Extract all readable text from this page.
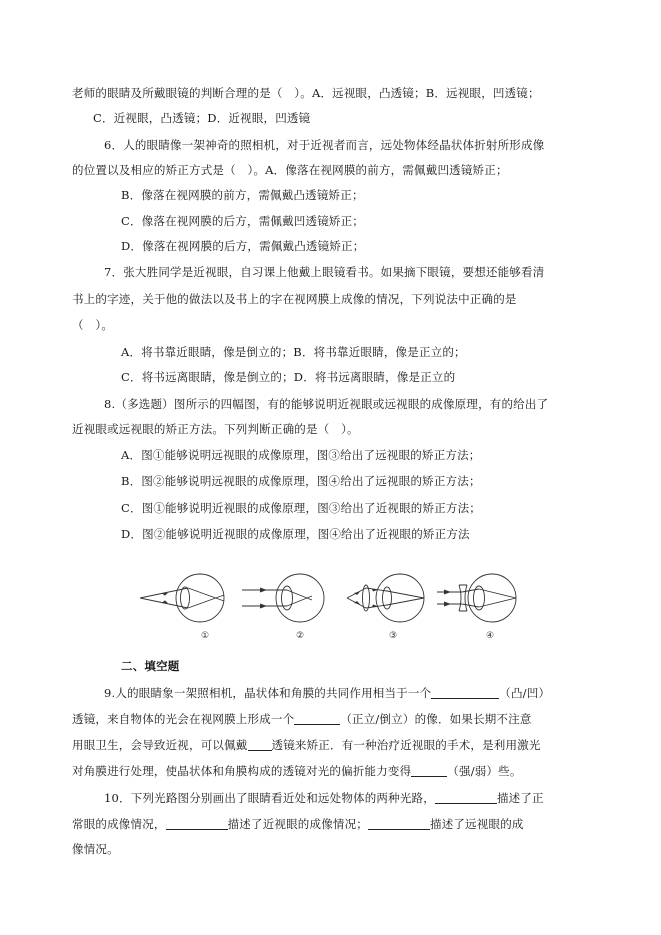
老师的眼睛及所戴眼镜的判断合理的是（　）。A．远视眼，凸透镜；B．远视眼，凹透镜；
C．近视眼，凸透镜；D．近视眼，凹透镜
6．人的眼睛像一架神奇的照相机，对于近视者而言，远处物体经晶状体折射所形成像
的位置以及相应的矫正方式是（　）。A．像落在视网膜的前方，需佩戴凹透镜矫正；
B．像落在视网膜的前方，需佩戴凸透镜矫正；
C．像落在视网膜的后方，需佩戴凹透镜矫正；
D．像落在视网膜的后方，需佩戴凸透镜矫正；
7．张大胜同学是近视眼，自习课上他戴上眼镜看书。如果摘下眼镜，要想还能够看清
书上的字迹，关于他的做法以及书上的字在视网膜上成像的情况，下列说法中正确的是
（　）。
A．将书靠近眼睛，像是倒立的；B．将书靠近眼睛，像是正立的；
C．将书远离眼睛，像是倒立的；D．将书远离眼睛，像是正立的
8.（多选题）图所示的四幅图，有的能够说明近视眼或远视眼的成像原理，有的给出了
近视眼或远视眼的矫正方法。下列判断正确的是（　）。
A．图①能够说明远视眼的成像原理，图③给出了远视眼的矫正方法；
B．图②能够说明远视眼的成像原理，图④给出了远视眼的矫正方法；
C．图①能够说明近视眼的成像原理，图③给出了近视眼的矫正方法；
D．图②能够说明近视眼的成像原理，图④给出了近视眼的矫正方法
①	②	③	④
二、填空题
9.人的眼睛象一架照相机，晶状体和角膜的共同作用相当于一个	（凸/凹）
透镜，来自物体的光会在视网膜上形成一个	（正立/倒立）的像．如果长期不注意
用眼卫生，会导致近视，可以佩戴 透镜来矫正．有一种治疗近视眼的手术，是利用激光
对角膜进行处理，使晶状体和角膜构成的透镜对光的偏折能力变得	（强/弱）些。
10．下列光路图分别画出了眼睛看近处和远处物体的两种光路，	描述了正
常眼的成像情况，	描述了近视眼的成像情况；	描述了远视眼的成
像情况。
